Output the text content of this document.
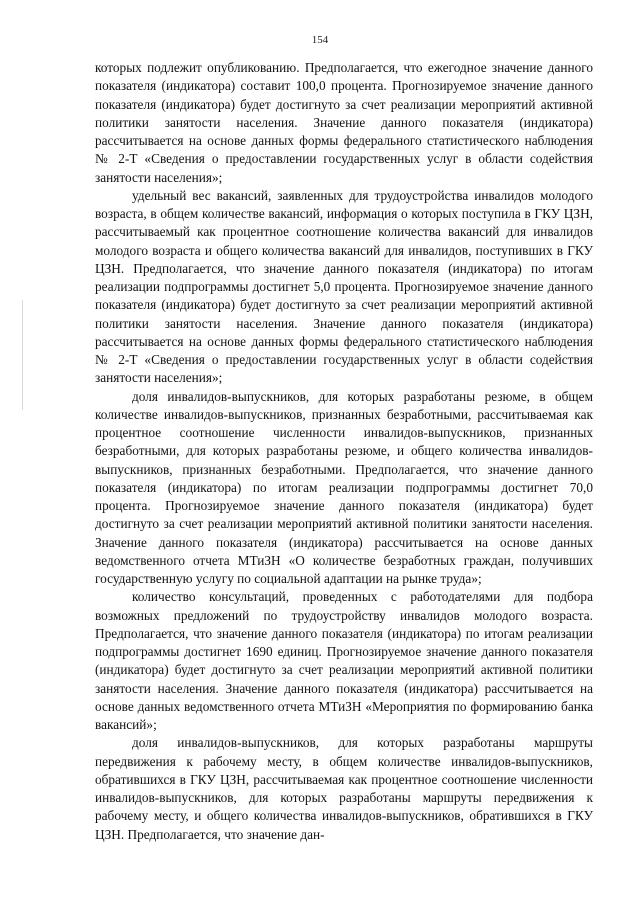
154

которых подлежит опубликованию. Предполагается, что ежегодное значение данного показателя (индикатора) составит 100,0 процента. Прогнозируемое значение данного показателя (индикатора) будет достигнуто за счет реализации мероприятий активной политики занятости населения. Значение данного показателя (индикатора) рассчитывается на основе данных формы федерального статистического наблюдения № 2-Т «Сведения о предоставлении государственных услуг в области содействия занятости населения»;

удельный вес вакансий, заявленных для трудоустройства инвалидов молодого возраста, в общем количестве вакансий, информация о которых поступила в ГКУ ЦЗН, рассчитываемый как процентное соотношение количества вакансий для инвалидов молодого возраста и общего количества вакансий для инвалидов, поступивших в ГКУ ЦЗН. Предполагается, что значение данного показателя (индикатора) по итогам реализации подпрограммы достигнет 5,0 процента. Прогнозируемое значение данного показателя (индикатора) будет достигнуто за счет реализации мероприятий активной политики занятости населения. Значение данного показателя (индикатора) рассчитывается на основе данных формы федерального статистического наблюдения № 2-Т «Сведения о предоставлении государственных услуг в области содействия занятости населения»;

доля инвалидов-выпускников, для которых разработаны резюме, в общем количестве инвалидов-выпускников, признанных безработными, рассчитываемая как процентное соотношение численности инвалидов-выпускников, признанных безработными, для которых разработаны резюме, и общего количества инвалидов-выпускников, признанных безработными. Предполагается, что значение данного показателя (индикатора) по итогам реализации подпрограммы достигнет 70,0 процента. Прогнозируемое значение данного показателя (индикатора) будет достигнуто за счет реализации мероприятий активной политики занятости населения. Значение данного показателя (индикатора) рассчитывается на основе данных ведомственного отчета МТиЗН «О количестве безработных граждан, получивших государственную услугу по социальной адаптации на рынке труда»;

количество консультаций, проведенных с работодателями для подбора возможных предложений по трудоустройству инвалидов молодого возраста. Предполагается, что значение данного показателя (индикатора) по итогам реализации подпрограммы достигнет 1690 единиц. Прогнозируемое значение данного показателя (индикатора) будет достигнуто за счет реализации мероприятий активной политики занятости населения. Значение данного показателя (индикатора) рассчитывается на основе данных ведомственного отчета МТиЗН «Мероприятия по формированию банка вакансий»;

доля инвалидов-выпускников, для которых разработаны маршруты передвижения к рабочему месту, в общем количестве инвалидов-выпускников, обратившихся в ГКУ ЦЗН, рассчитываемая как процентное соотношение численности инвалидов-выпускников, для которых разработаны маршруты передвижения к рабочему месту, и общего количества инвалидов-выпускников, обратившихся в ГКУ ЦЗН. Предполагается, что значение дан-
